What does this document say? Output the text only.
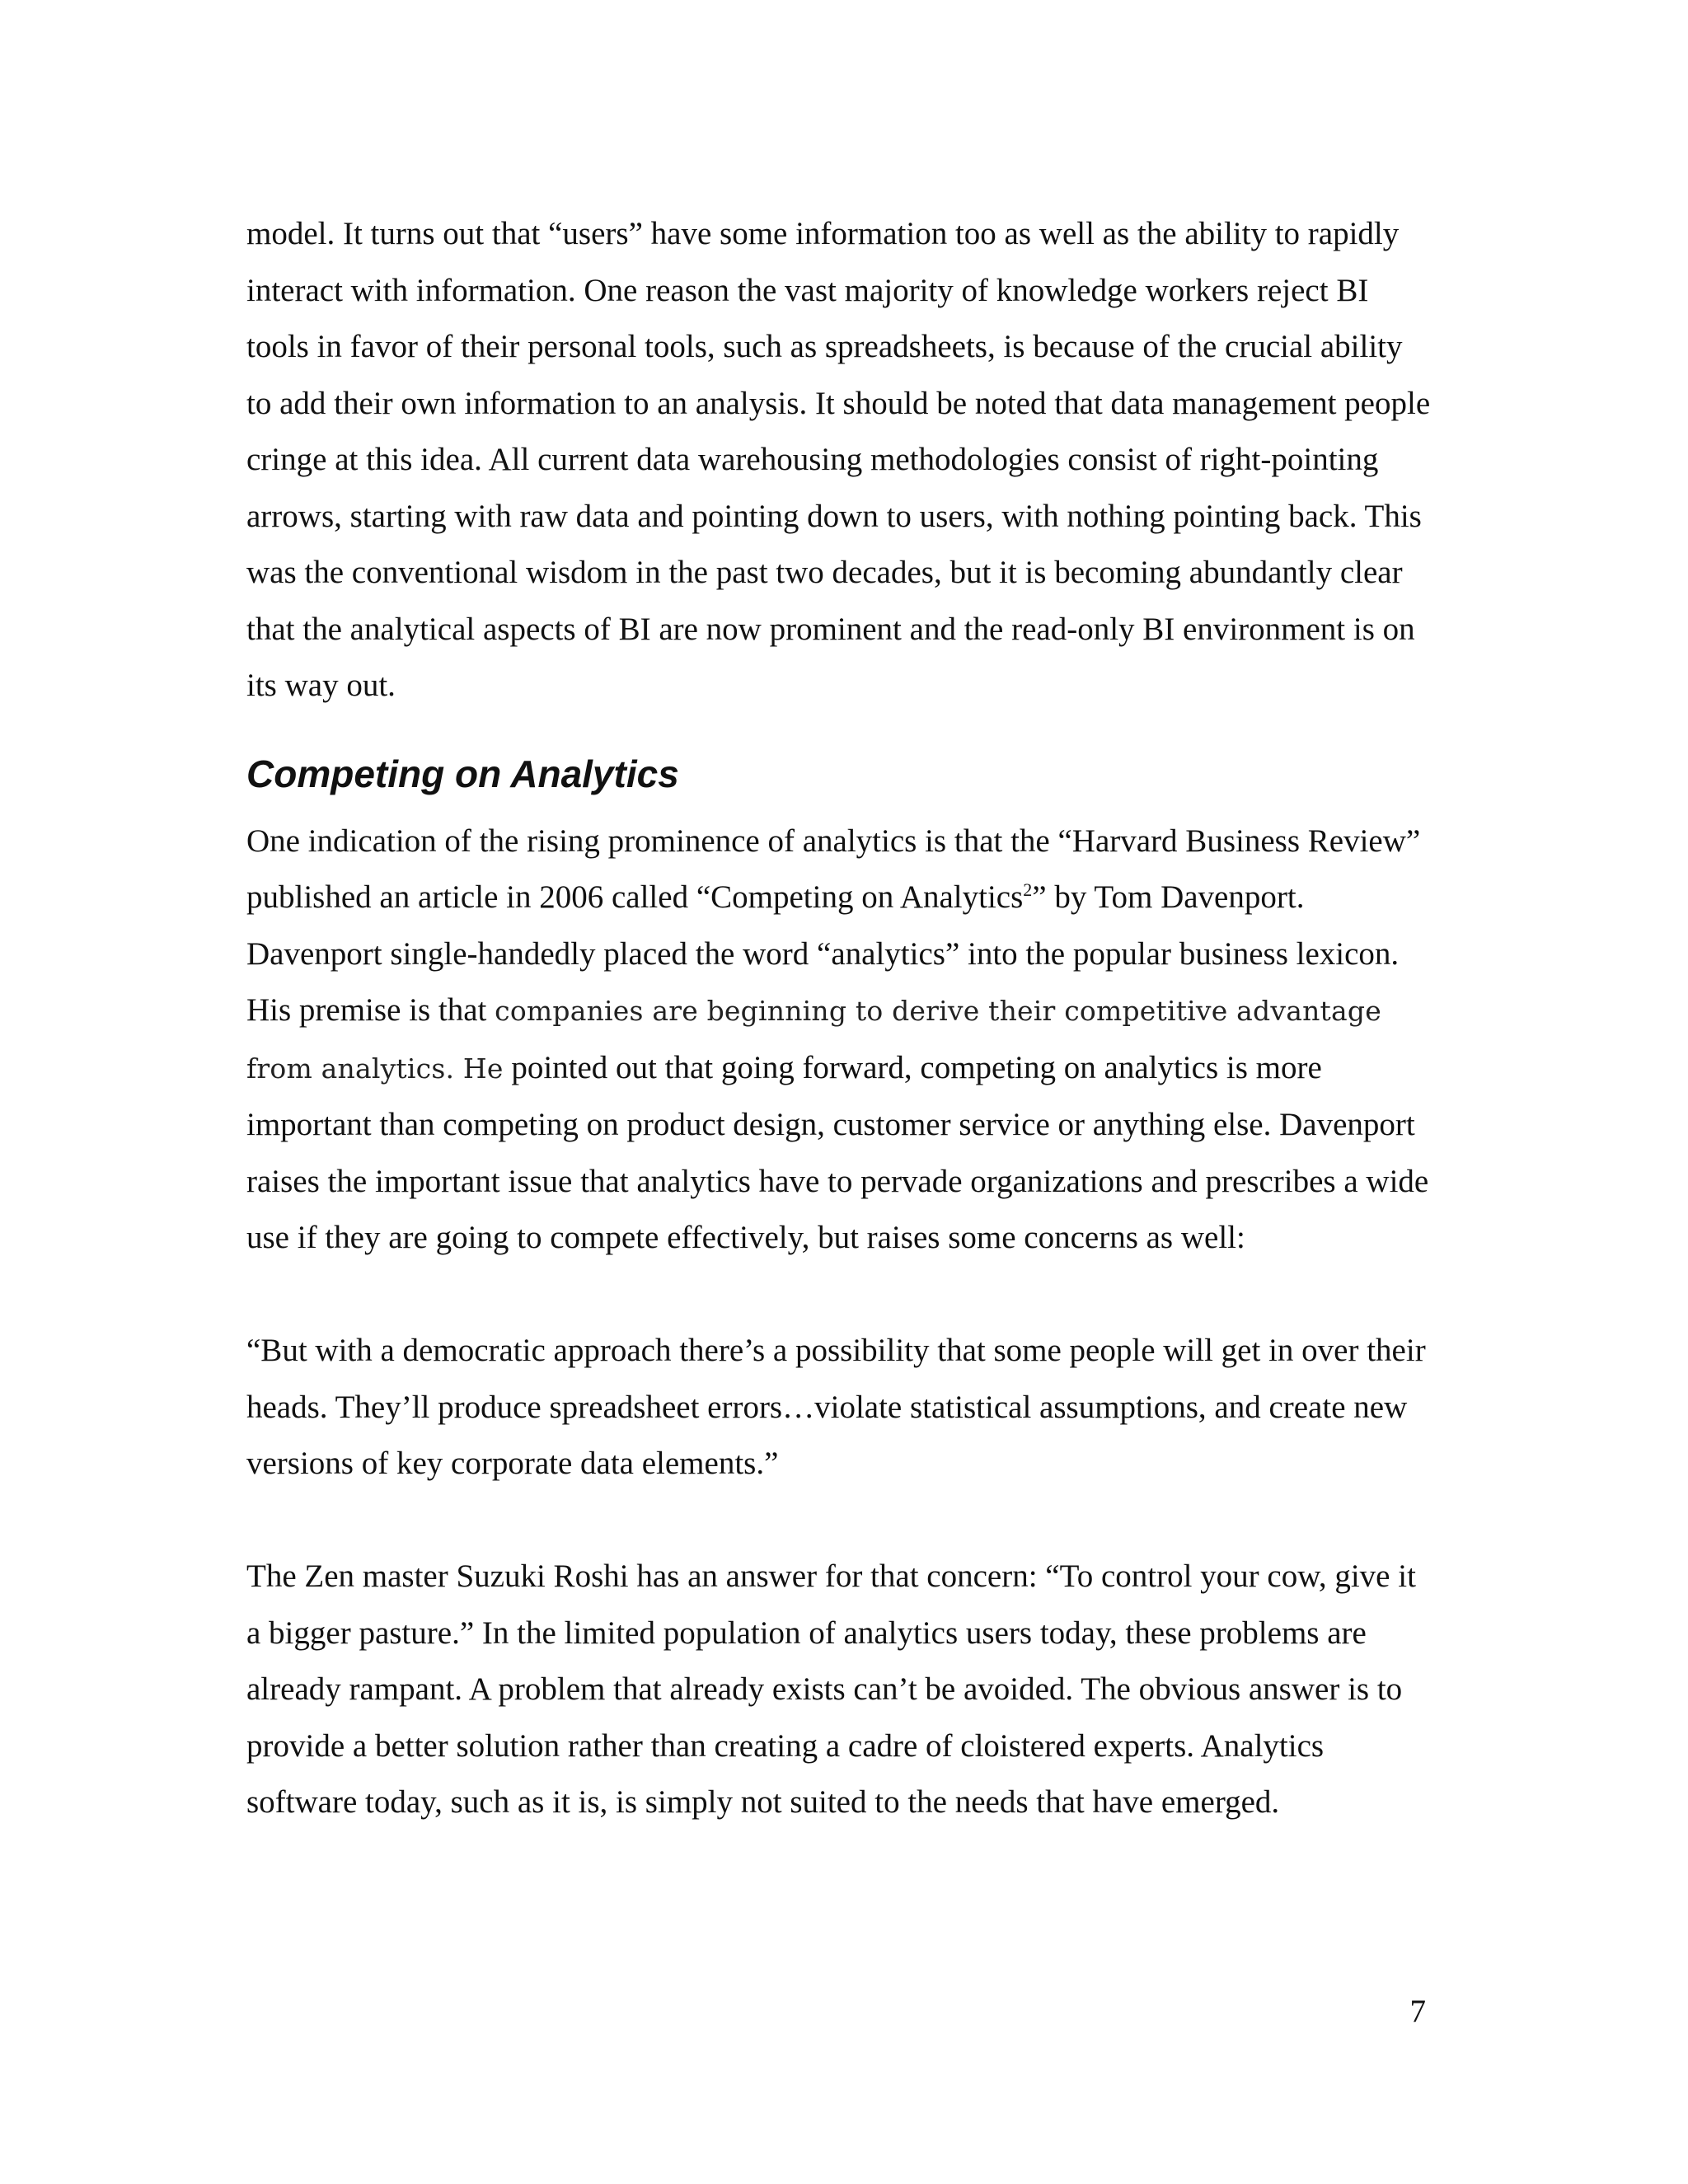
model. It turns out that “users” have some information too as well as the ability to rapidly interact with information. One reason the vast majority of knowledge workers reject BI tools in favor of their personal tools, such as spreadsheets, is because of the crucial ability to add their own information to an analysis. It should be noted that data management people cringe at this idea. All current data warehousing methodologies consist of right-pointing arrows, starting with raw data and pointing down to users, with nothing pointing back. This was the conventional wisdom in the past two decades, but it is becoming abundantly clear that the analytical aspects of BI are now prominent and the read-only BI environment is on its way out.

Competing on Analytics

One indication of the rising prominence of analytics is that the “Harvard Business Review” published an article in 2006 called “Competing on Analytics$^2$” by Tom Davenport. Davenport single-handedly placed the word “analytics” into the popular business lexicon. His premise is that companies are beginning to derive their competitive advantage from analytics. He pointed out that going forward, competing on analytics is more important than competing on product design, customer service or anything else. Davenport raises the important issue that analytics have to pervade organizations and prescribes a wide use if they are going to compete effectively, but raises some concerns as well:

“But with a democratic approach there’s a possibility that some people will get in over their heads. They’ll produce spreadsheet errors…violate statistical assumptions, and create new versions of key corporate data elements.”

The Zen master Suzuki Roshi has an answer for that concern: “To control your cow, give it a bigger pasture.” In the limited population of analytics users today, these problems are already rampant. A problem that already exists can’t be avoided. The obvious answer is to provide a better solution rather than creating a cadre of cloistered experts. Analytics software today, such as it is, is simply not suited to the needs that have emerged.

7
